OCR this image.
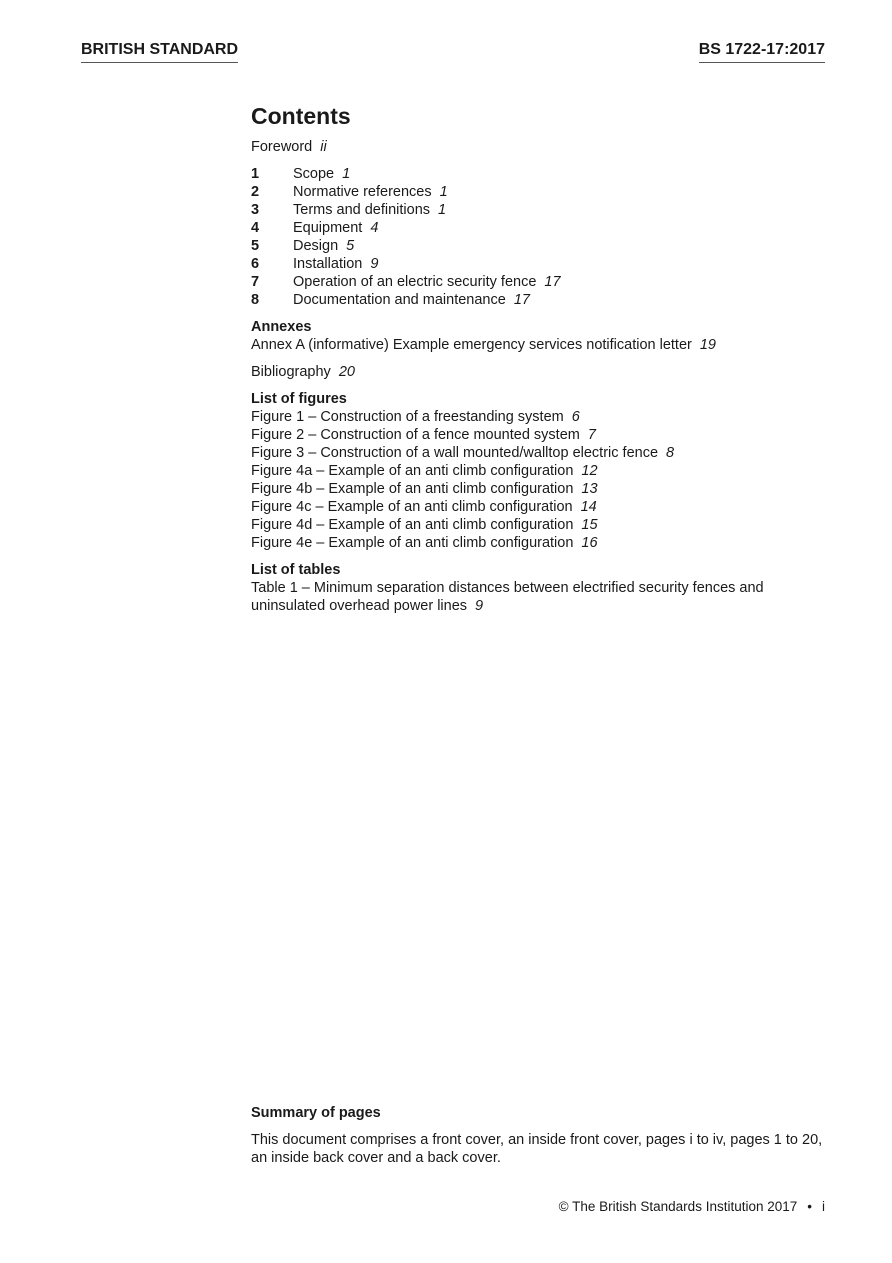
BRITISH STANDARD	BS 1722-17:2017
Contents
Foreword ii
1	Scope 1
2	Normative references 1
3	Terms and definitions 1
4	Equipment 4
5	Design 5
6	Installation 9
7	Operation of an electric security fence 17
8	Documentation and maintenance 17
Annexes
Annex A (informative) Example emergency services notification letter 19
Bibliography 20
List of figures
Figure 1 – Construction of a freestanding system 6
Figure 2 – Construction of a fence mounted system 7
Figure 3 – Construction of a wall mounted/walltop electric fence 8
Figure 4a – Example of an anti climb configuration 12
Figure 4b – Example of an anti climb configuration 13
Figure 4c – Example of an anti climb configuration 14
Figure 4d – Example of an anti climb configuration 15
Figure 4e – Example of an anti climb configuration 16
List of tables
Table 1 – Minimum separation distances between electrified security fences and uninsulated overhead power lines 9
Summary of pages
This document comprises a front cover, an inside front cover, pages i to iv, pages 1 to 20, an inside back cover and a back cover.
© The British Standards Institution 2017 • i
